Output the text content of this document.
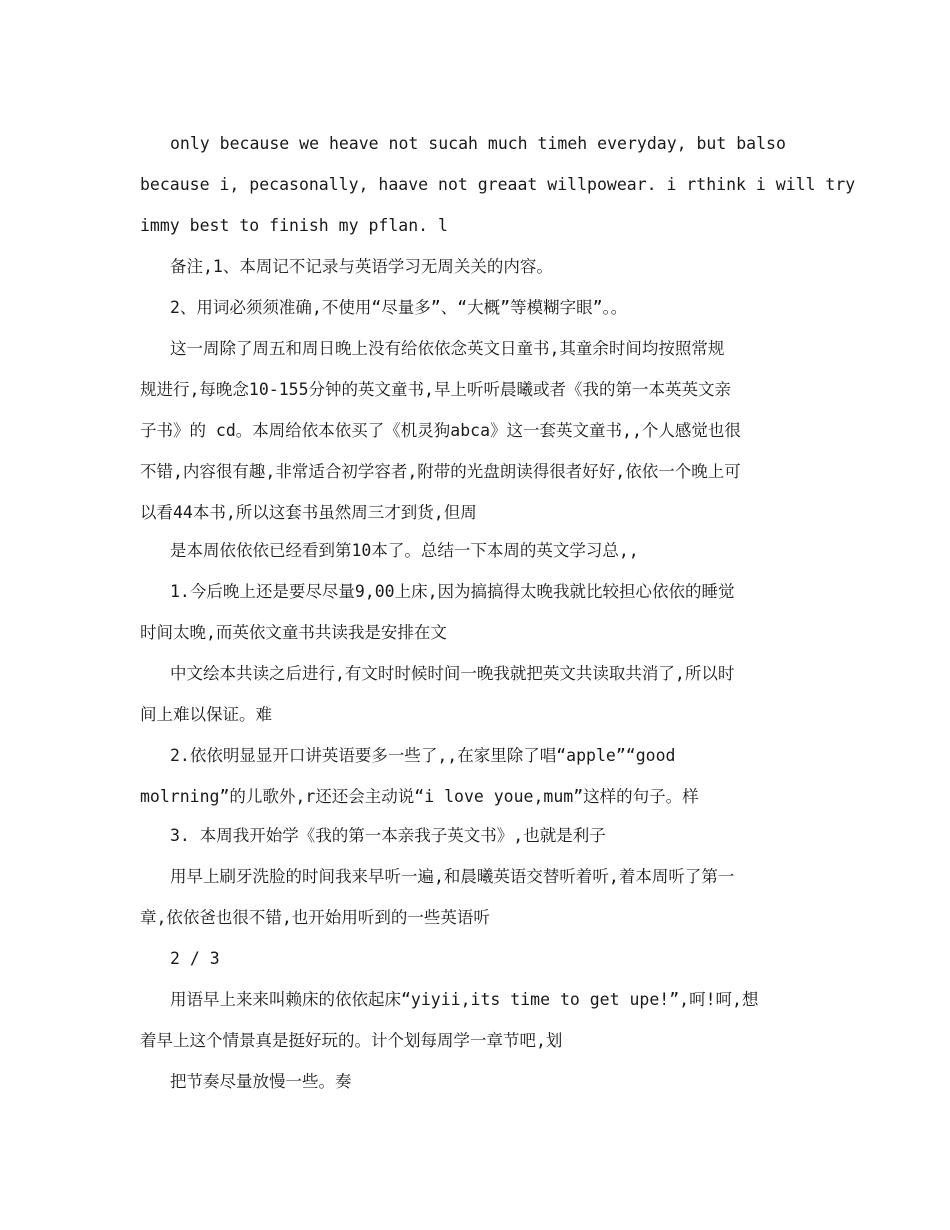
only because we heave not sucah much timeh everyday, but balso

because i, pecasonally, haave not greaat willpowear. i rthink i will try

immy best to finish my pflan. l

备注,1、本周记不记录与英语学习无周关关的内容。

2、用词必须须准确,不使用“尽量多”、“大概”等模糊字眼”。。

这一周除了周五和周日晚上没有给依依念英文日童书,其童余时间均按照常规

规进行,每晚念10-155分钟的英文童书,早上听听晨曦或者《我的第一本英英文亲

子书》的 cd。本周给依本依买了《机灵狗abca》这一套英文童书,,个人感觉也很

不错,内容很有趣,非常适合初学容者,附带的光盘朗读得很者好好,依依一个晚上可

以看44本书,所以这套书虽然周三才到货,但周

是本周依依依已经看到第10本了。总结一下本周的英文学习总,,

1.今后晚上还是要尽尽量9,00上床,因为搞搞得太晚我就比较担心依依的睡觉

时间太晚,而英依文童书共读我是安排在文

中文绘本共读之后进行,有文时时候时间一晚我就把英文共读取共消了,所以时

间上难以保证。难

2.依依明显显开口讲英语要多一些了,,在家里除了唱“apple”“good

molrning”的儿歌外,r还还会主动说“i love youe,mum”这样的句子。样

3. 本周我开始学《我的第一本亲我子英文书》,也就是利子

用早上刷牙洗脸的时间我来早听一遍,和晨曦英语交替听着听,着本周听了第一

章,依依爸也很不错,也开始用听到的一些英语听

2 / 3

用语早上来来叫赖床的依依起床“yiyii,its time to get upe!”,呵!呵,想

着早上这个情景真是挺好玩的。计个划每周学一章节吧,划

把节奏尽量放慢一些。奏
